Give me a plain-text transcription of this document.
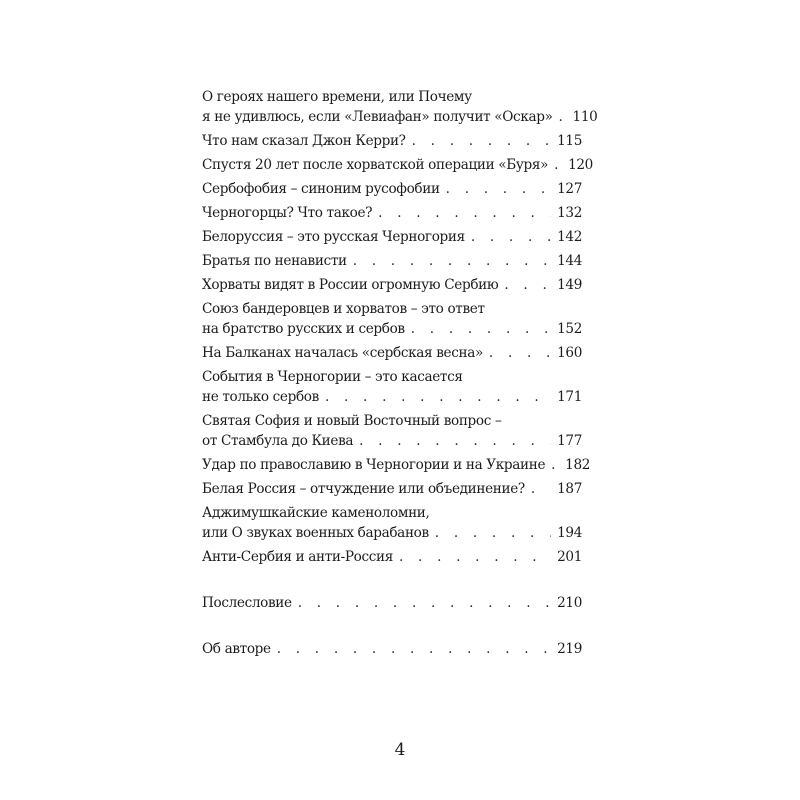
О героях нашего времени, или Почему
я не удивлюсь, если «Левиафан» получит «Оскар» . . . 110
Что нам сказал Джон Керри? . . .	115
Спустя 20 лет после хорватской операции «Буря» . . . 120
Сербофобия – синоним русофобии . . .	127
Черногорцы? Что такое? . . .	132
Белоруссия – это русская Черногория . . .	142
Братья по ненависти . . .	144
Хорваты видят в России огромную Сербию . . .	149
Союз бандеровцев и хорватов – это ответ
на братство русских и сербов . . .	152
На Балканах началась «сербская весна» . . .	160
События в Черногории – это касается
не только сербов . . .	171
Святая София и новый Восточный вопрос –
от Стамбула до Киева . . .	177
Удар по православию в Черногории и на Украине . . . 182
Белая Россия – отчуждение или объединение? . . . 187
Аджимушкайские каменоломни,
или О звуках военных барабанов . . .	194
Анти-Сербия и анти-Россия . . .	201
Послесловие . . .	210
Об авторе . . .	219
4
